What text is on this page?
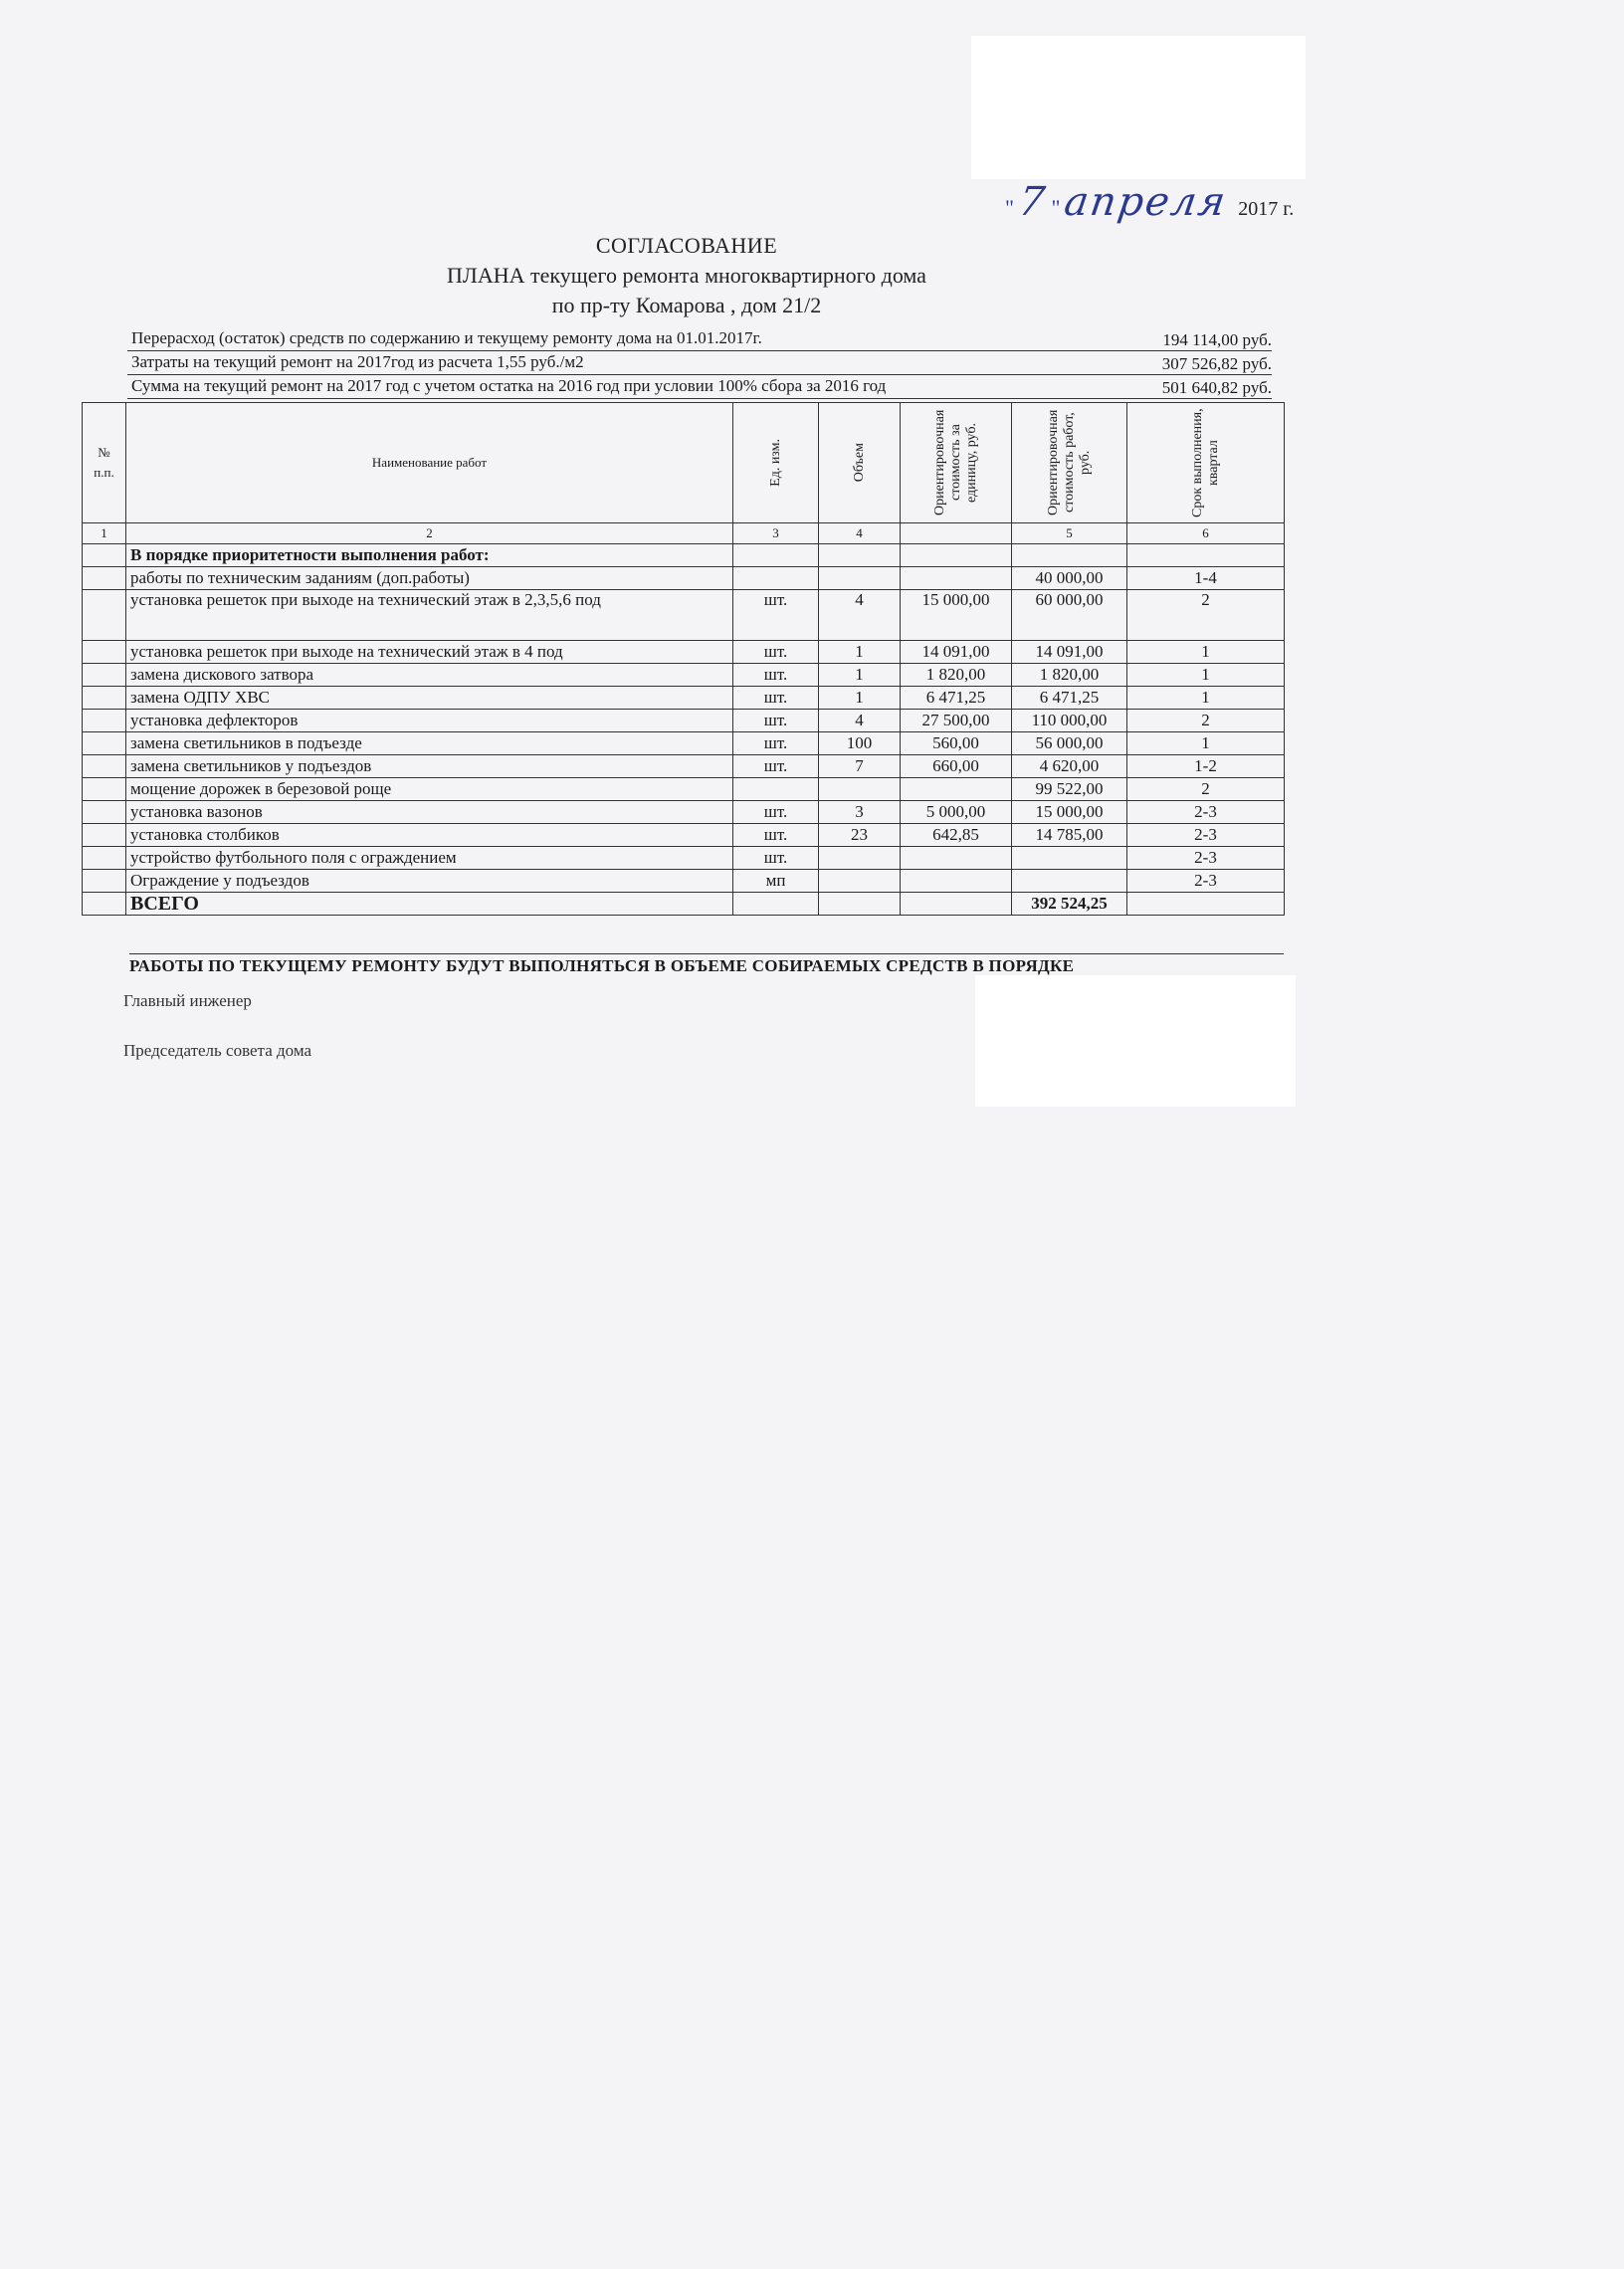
" 7 " апреля 2017 г.
СОГЛАСОВАНИЕ
ПЛАНА текущего ремонта многоквартирного дома
по пр-ту Комарова , дом 21/2
Перерасход (остаток) средств по содержанию и текущему ремонту дома на 01.01.2017г.	194 114,00 руб.
Затраты на текущий ремонт на 2017год из расчета 1,55 руб./м2	307 526,82 руб.
Сумма на текущий ремонт на 2017 год с учетом остатка на 2016 год при условии 100% сбора за 2016 год	501 640,82 руб.
№ п.п.	Наименование работ	Ед. изм.	Объем	Ориентировочная стоимость за единицу, руб.	Ориентировочная стоимость работ, руб.	Срок выполнения, квартал

1	2	3	4		5	6
	В порядке приоритетности выполнения работ:					
	работы по техническим заданиям (доп.работы)				40 000,00	1-4
	установка решеток при выходе на технический этаж в 2,3,5,6 под	шт.	4	15 000,00	60 000,00	2
	установка решеток при выходе на технический этаж в 4 под	шт.	1	14 091,00	14 091,00	1
	замена дискового затвора	шт.	1	1 820,00	1 820,00	1
	замена ОДПУ ХВС	шт.	1	6 471,25	6 471,25	1
	установка дефлекторов	шт.	4	27 500,00	110 000,00	2
	замена светильников в подъезде	шт.	100	560,00	56 000,00	1
	замена светильников у подъездов	шт.	7	660,00	4 620,00	1-2
	мощение дорожек в березовой роще				99 522,00	2
	установка вазонов	шт.	3	5 000,00	15 000,00	2-3
	установка столбиков	шт.	23	642,85	14 785,00	2-3
	устройство футбольного поля с ограждением	шт.				2-3
	Ограждение у подъездов	мп				2-3
	ВСЕГО				392 524,25	
РАБОТЫ ПО ТЕКУЩЕМУ РЕМОНТУ БУДУТ ВЫПОЛНЯТЬСЯ В ОБЪЕМЕ СОБИРАЕМЫХ СРЕДСТВ В ПОРЯДКЕ
Главный инженер
Председатель совета дома
